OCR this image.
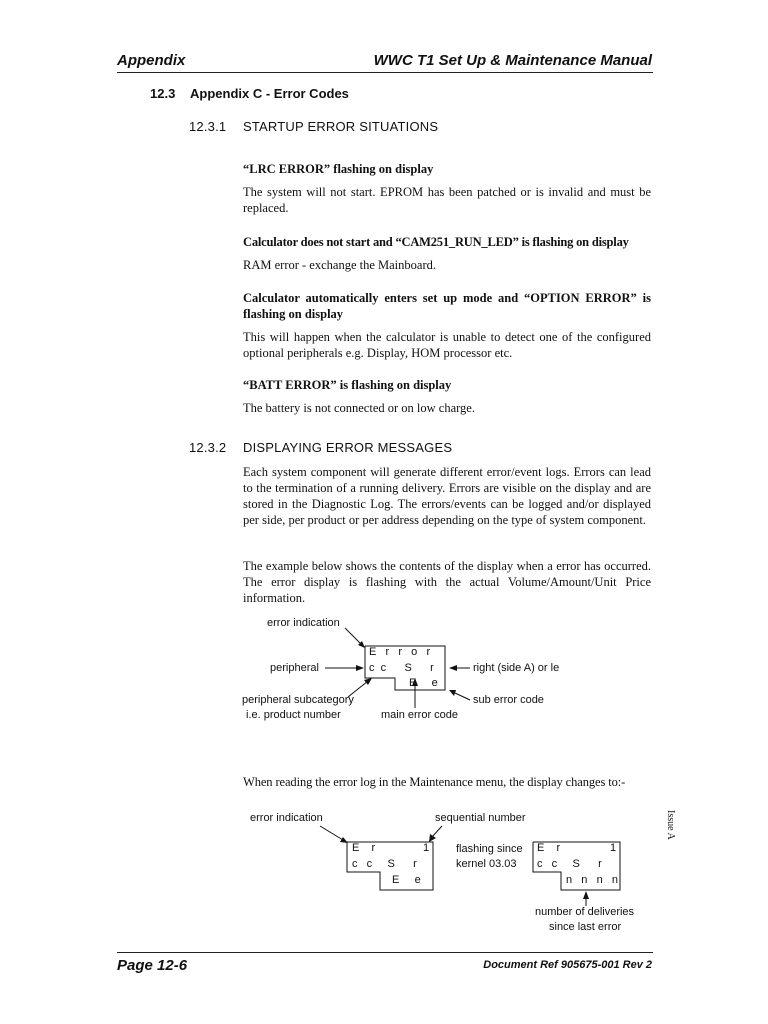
Appendix	WWC T1 Set Up & Maintenance Manual
12.3 Appendix C - Error Codes
12.3.1 STARTUP ERROR SITUATIONS
“LRC ERROR” flashing on display
The system will not start. EPROM has been patched or is invalid and must be replaced.
Calculator does not start and “CAM251_RUN_LED” is flashing on display
RAM error - exchange the Mainboard.
Calculator automatically enters set up mode and “OPTION ERROR” is flashing on display
This will happen when the calculator is unable to detect one of the configured optional peripherals e.g. Display, HOM processor etc.
“BATT ERROR” is flashing on display
The battery is not connected or on low charge.
12.3.2 DISPLAYING ERROR MESSAGES
Each system component will generate different error/event logs. Errors can lead to the termination of a running delivery. Errors are visible on the display and are stored in the Diagnostic Log. The errors/events can be logged and/or displayed per side, per product or per address depending on the type of system component.
The example below shows the contents of the display when a error has occurred. The error display is flashing with the actual Volume/Amount/Unit Price information.
error indication
peripheral	right (side A) or le
peripheral subcategory
i.e. product number	main error code
sub error code
E   r   r   o   r
c  c      S      r
E     e
When reading the error log in the Maintenance menu, the display changes to:-
error indication	sequential number
flashing since
kernel 03.03
E    r	1
c   c     S      r
E     e
E    r	1
c   c     S      r
n   n   n   n
number of deliveries
since last error
Issue A
Page 12-6	Document Ref 905675-001 Rev 2
